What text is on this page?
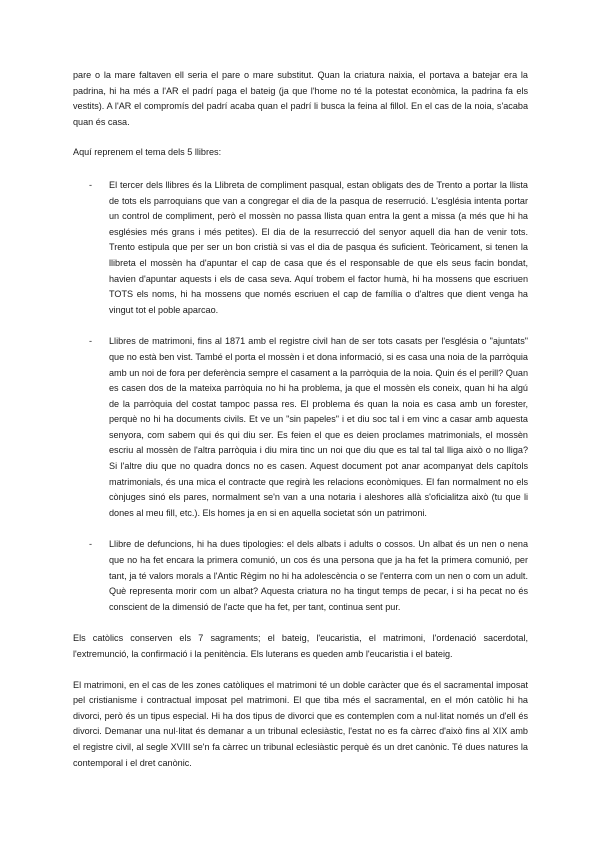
pare o la mare faltaven ell seria el pare o mare substitut. Quan la criatura naixia, el portava a batejar era la padrina, hi ha més a l'AR el padrí paga el bateig (ja que l'home no té la potestat econòmica, la padrina fa els vestits). A l'AR el compromís del padrí acaba quan el padrí li busca la feina al fillol. En el cas de la noia, s'acaba quan és casa.

Aquí reprenem el tema dels 5 llibres:

- El tercer dels llibres és la Llibreta de compliment pasqual, estan obligats des de Trento a portar la llista de tots els parroquians que van a congregar el dia de la pasqua de reserrució. L'església intenta portar un control de compliment, però el mossèn no passa llista quan entra la gent a missa (a més que hi ha esglésies més grans i més petites). El dia de la resurrecció del senyor aquell dia han de venir tots. Trento estipula que per ser un bon cristià si vas el dia de pasqua és suficient. Teòricament, si tenen la llibreta el mossèn ha d'apuntar el cap de casa que és el responsable de que els seus facin bondat, havien d'apuntar aquests i els de casa seva. Aquí trobem el factor humà, hi ha mossens que escriuen TOTS els noms, hi ha mossens que només escriuen el cap de família o d'altres que dient venga ha vingut tot el poble aparcao.

- Llibres de matrimoni, fins al 1871 amb el registre civil han de ser tots casats per l'església o "ajuntats" que no està ben vist. També el porta el mossèn i et dona informació, si es casa una noia de la parròquia amb un noi de fora per deferència sempre el casament a la parròquia de la noia. Quin és el perill? Quan es casen dos de la mateixa parròquia no hi ha problema, ja que el mossèn els coneix, quan hi ha algú de la parròquia del costat tampoc passa res. El problema és quan la noia es casa amb un forester, perquè no hi ha documents civils. Et ve un "sin papeles" i et diu soc tal i em vinc a casar amb aquesta senyora, com sabem qui és qui diu ser. Es feien el que es deien proclames matrimonials, el mossèn escriu al mossèn de l'altra parròquia i diu mira tinc un noi que diu que es tal tal tal lliga això o no lliga? Si l'altre diu que no quadra doncs no es casen. Aquest document pot anar acompanyat dels capítols matrimonials, és una mica el contracte que regirà les relacions econòmiques. El fan normalment no els cònjuges sinó els pares, normalment se'n van a una notaria i aleshores allà s'oficialitza això (tu que li dones al meu fill, etc.). Els homes ja en si en aquella societat són un patrimoni.

- Llibre de defuncions, hi ha dues tipologies: el dels albats i adults o cossos. Un albat és un nen o nena que no ha fet encara la primera comunió, un cos és una persona que ja ha fet la primera comunió, per tant, ja té valors morals a l'Antic Règim no hi ha adolescència o se l'enterra com un nen o com un adult. Què representa morir com un albat? Aquesta criatura no ha tingut temps de pecar, i si ha pecat no és conscient de la dimensió de l'acte que ha fet, per tant, continua sent pur.

Els catòlics conserven els 7 sagraments; el bateig, l'eucaristia, el matrimoni, l'ordenació sacerdotal, l'extremunció, la confirmació i la penitència. Els luterans es queden amb l'eucaristia i el bateig.

El matrimoni, en el cas de les zones catòliques el matrimoni té un doble caràcter que és el sacramental imposat pel cristianisme i contractual imposat pel matrimoni. El que tiba més el sacramental, en el món catòlic hi ha divorci, però és un tipus especial. Hi ha dos tipus de divorci que es contemplen com a nul·litat només un d'ell és divorci. Demanar una nul·litat és demanar a un tribunal eclesiàstic, l'estat no es fa càrrec d'això fins al XIX amb el registre civil, al segle XVIII se'n fa càrrec un tribunal eclesiàstic perquè és un dret canònic. Té dues natures la contemporal i el dret canònic.
